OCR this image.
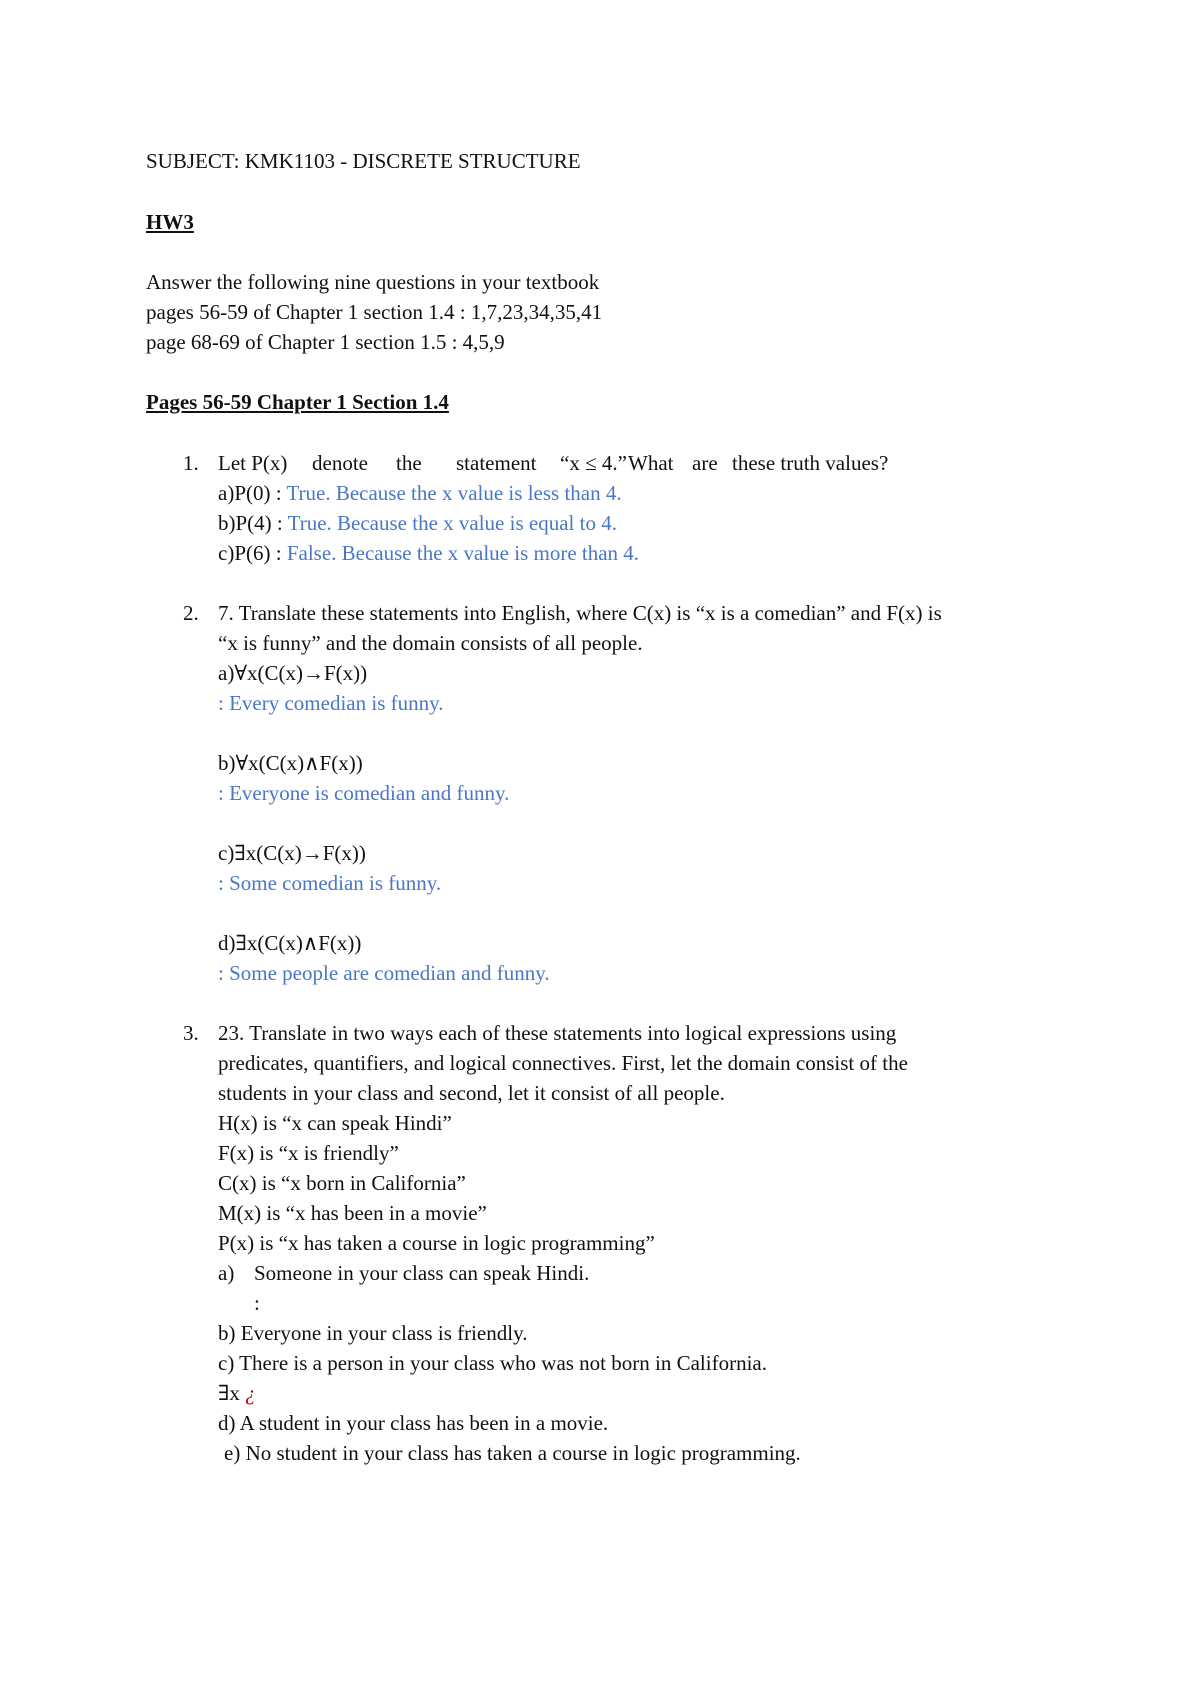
SUBJECT: KMK1103 - DISCRETE STRUCTURE
HW3
Answer the following nine questions in your textbook
pages 56-59 of Chapter 1 section 1.4 : 1,7,23,34,35,41
page 68-69 of Chapter 1 section 1.5 : 4,5,9
Pages 56-59 Chapter 1 Section 1.4
1. Let P(x) denote the statement “x ≤ 4.” What are these truth values?
a)P(0) : True. Because the x value is less than 4.
b)P(4) : True. Because the x value is equal to 4.
c)P(6) : False. Because the x value is more than 4.
2. 7. Translate these statements into English, where C(x) is “x is a comedian” and F(x) is
“x is funny” and the domain consists of all people.
a)∀x(C(x)→F(x))
: Every comedian is funny.
b)∀x(C(x)∧F(x))
: Everyone is comedian and funny.
c)∃x(C(x)→F(x))
: Some comedian is funny.
d)∃x(C(x)∧F(x))
: Some people are comedian and funny.
3. 23. Translate in two ways each of these statements into logical expressions using
predicates, quantifiers, and logical connectives. First, let the domain consist of the
students in your class and second, let it consist of all people.
H(x) is “x can speak Hindi”
F(x) is “x is friendly”
C(x) is “x born in California”
M(x) is “x has been in a movie”
P(x) is “x has taken a course in logic programming”
a) Someone in your class can speak Hindi.
:
b) Everyone in your class is friendly.
c) There is a person in your class who was not born in California.
∃x ¿
d) A student in your class has been in a movie.
e) No student in your class has taken a course in logic programming.
